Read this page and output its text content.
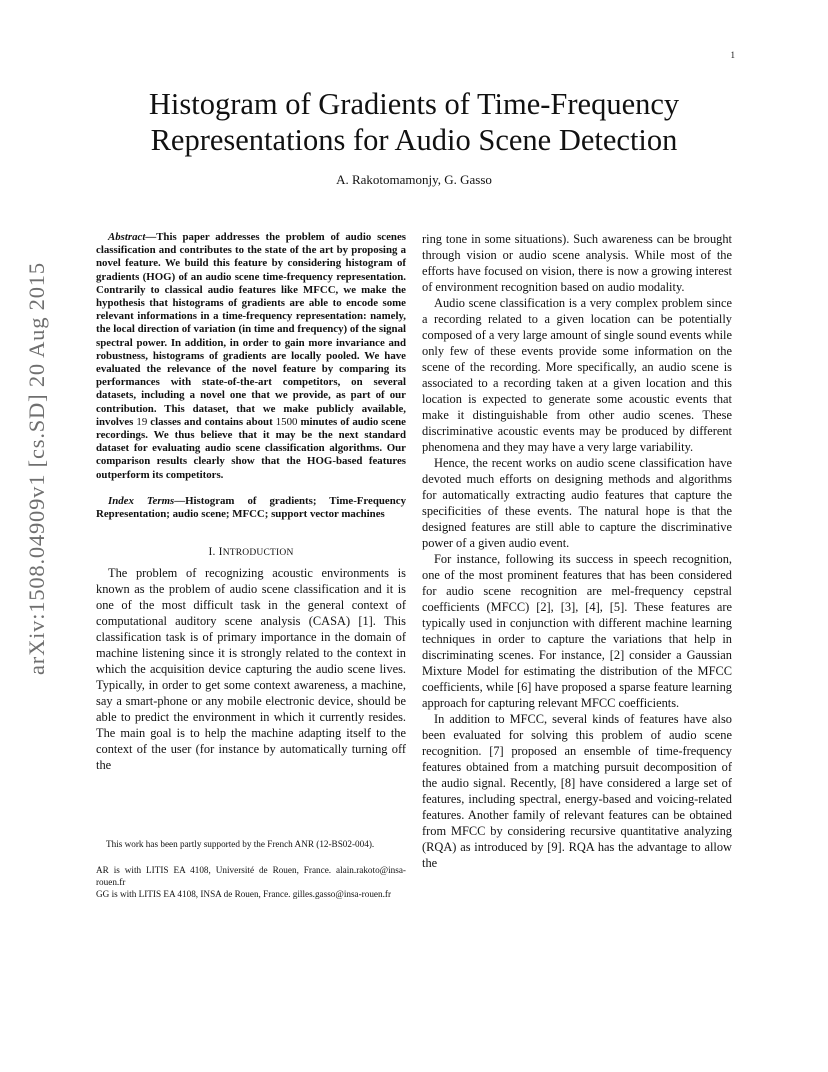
1
arXiv:1508.04909v1 [cs.SD] 20 Aug 2015
Histogram of Gradients of Time-Frequency
Representations for Audio Scene Detection
A. Rakotomamonjy, G. Gasso

Abstract—This paper addresses the problem of audio scenes classification and contributes to the state of the art by proposing a novel feature. We build this feature by considering histogram of gradients (HOG) of an audio scene time-frequency representation. Contrarily to classical audio features like MFCC, we make the hypothesis that histograms of gradients are able to encode some relevant informations in a time-frequency representation: namely, the local direction of variation (in time and frequency) of the signal spectral power. In addition, in order to gain more invariance and robustness, histograms of gradients are locally pooled. We have evaluated the relevance of the novel feature by comparing its performances with state-of-the-art competitors, on several datasets, including a novel one that we provide, as part of our contribution. This dataset, that we make publicly available, involves 19 classes and contains about 1500 minutes of audio scene recordings. We thus believe that it may be the next standard dataset for evaluating audio scene classification algorithms. Our comparison results clearly show that the HOG-based features outperform its competitors.

Index Terms—Histogram of gradients; Time-Frequency Representation; audio scene; MFCC; support vector machines

I. INTRODUCTION

The problem of recognizing acoustic environments is known as the problem of audio scene classification and it is one of the most difficult task in the general context of computational auditory scene analysis (CASA) [1]. This classification task is of primary importance in the domain of machine listening since it is strongly related to the context in which the acquisition device capturing the audio scene lives. Typically, in order to get some context awareness, a machine, say a smart-phone or any mobile electronic device, should be able to predict the environment in which it currently resides. The main goal is to help the machine adapting itself to the context of the user (for instance by automatically turning off the

This work has been partly supported by the French ANR (12-BS02-004).

AR is with LITIS EA 4108, Université de Rouen, France. alain.rakoto@insa-rouen.fr

GG is with LITIS EA 4108, INSA de Rouen, France. gilles.gasso@insa-rouen.fr

ring tone in some situations). Such awareness can be brought through vision or audio scene analysis. While most of the efforts have focused on vision, there is now a growing interest of environment recognition based on audio modality.

Audio scene classification is a very complex problem since a recording related to a given location can be potentially composed of a very large amount of single sound events while only few of these events provide some information on the scene of the recording. More specifically, an audio scene is associated to a recording taken at a given location and this location is expected to generate some acoustic events that make it distinguishable from other audio scenes. These discriminative acoustic events may be produced by different phenomena and they may have a very large variability.

Hence, the recent works on audio scene classification have devoted much efforts on designing methods and algorithms for automatically extracting audio features that capture the specificities of these events. The natural hope is that the designed features are still able to capture the discriminative power of a given audio event.

For instance, following its success in speech recognition, one of the most prominent features that has been considered for audio scene recognition are mel-frequency cepstral coefficients (MFCC) [2], [3], [4], [5]. These features are typically used in conjunction with different machine learning techniques in order to capture the variations that help in discriminating scenes. For instance, [2] consider a Gaussian Mixture Model for estimating the distribution of the MFCC coefficients, while [6] have proposed a sparse feature learning approach for capturing relevant MFCC coefficients.

In addition to MFCC, several kinds of features have also been evaluated for solving this problem of audio scene recognition. [7] proposed an ensemble of time-frequency features obtained from a matching pursuit decomposition of the audio signal. Recently, [8] have considered a large set of features, including spectral, energy-based and voicing-related features. Another family of relevant features can be obtained from MFCC by considering recursive quantitative analyzing (RQA) as introduced by [9]. RQA has the advantage to allow the
